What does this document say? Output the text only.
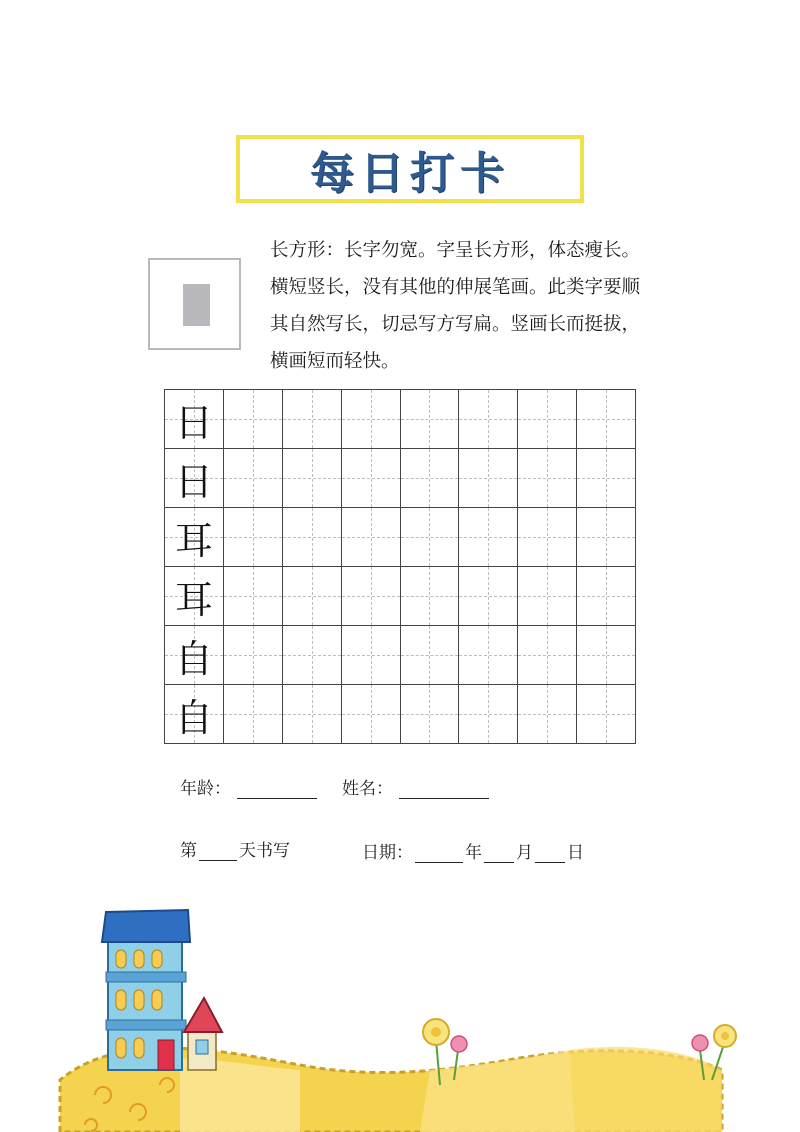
每日打卡
长方形：长字勿宽。字呈长方形，体态瘦长。横短竖长，没有其他的伸展笔画。此类字要顺其自然写长，切忌写方写扁。竖画长而挺拔，横画短而轻快。
日							

日							

耳							

耳							

自							

自							

年龄：	姓名：
第 天书写	日期：	年 月 日
